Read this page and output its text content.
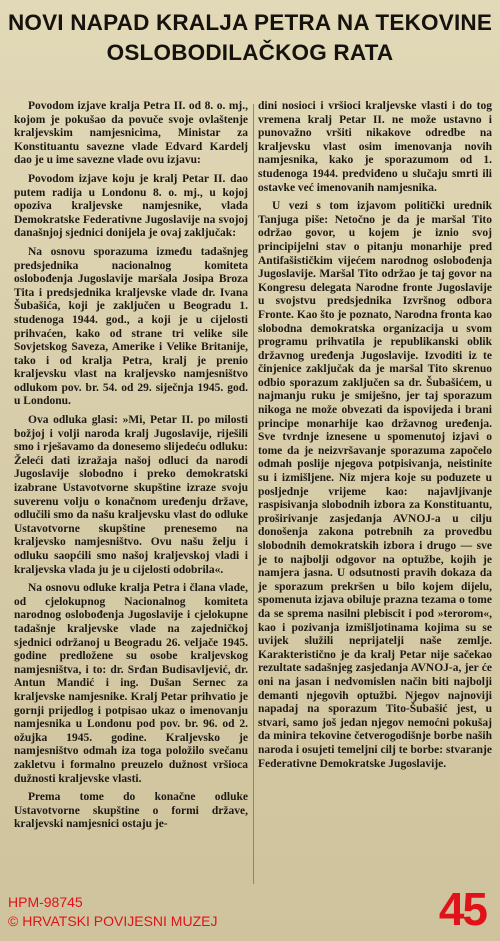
NOVI NAPAD KRALJA PETRA NA TEKOVINE
OSLOBODILAČKOG RATA

Povodom izjave kralja Petra II. od 8. o. mj., kojom je pokušao da povuče svoje ovlaštenje kraljevskim namjesnicima, Ministar za Konstituantu savezne vlade Edvard Kardelj dao je u ime savezne vlade ovu izjavu:

Povodom izjave koju je kralj Petar II. dao putem radija u Londonu 8. o. mj., u kojoj opoziva kraljevske namjesnike, vlada Demokratske Federativne Jugoslavije na svojoj današnjoj sjednici donijela je ovaj zaključak:

Na osnovu sporazuma između tadašnjeg predsjednika nacionalnog komiteta oslobođenja Jugoslavije maršala Josipa Broza Tita i predsjednika kraljevske vlade dr. Ivana Šubašića, koji je zaključen u Beogradu 1. studenoga 1944. god., a koji je u cijelosti prihvaćen, kako od strane tri velike sile Sovjetskog Saveza, Amerike i Velike Britanije, tako i od kralja Petra, kralj je prenio kraljevsku vlast na kraljevsko namjesništvo odlukom pov. br. 54. od 29. siječnja 1945. god. u Londonu.

Ova odluka glasi: »Mi, Petar II. po milosti božjoj i volji naroda kralj Jugoslavije, riješili smo i rješavamo da donesemo slijedeću odluku: Želeći dati izražaja našoj odluci da narodi Jugoslavije slobodno i preko demokratski izabrane Ustavotvorne skupštine izraze svoju suverenu volju o konačnom uređenju države, odlučili smo da našu kraljevsku vlast do odluke Ustavotvorne skupštine prenesemo na kraljevsko namjesništvo. Ovu našu želju i odluku saopćili smo našoj kraljevskoj vladi i kraljevska vlada ju je u cijelosti odobrila«.

Na osnovu odluke kralja Petra i člana vlade, od cjelokupnog Nacionalnog komiteta narodnog oslobođenja Jugoslavije i cjelokupne tadašnje kraljevske vlade na zajedničkoj sjednici održanoj u Beogradu 26. veljače 1945. godine predložene su osobe kraljevskog namjesništva, i to: dr. Srđan Budisavljević, dr. Antun Mandić i ing. Dušan Sernec za kraljevske namjesnike. Kralj Petar prihvatio je gornji prijedlog i potpisao ukaz o imenovanju namjesnika u Londonu pod pov. br. 96. od 2. ožujka 1945. godine. Kraljevsko je namjesništvo odmah iza toga položilo svečanu zakletvu i formalno preuzelo dužnost vršioca dužnosti kraljevske vlasti.

Prema tome do konačne odluke Ustavotvorne skupštine o formi države, kraljevski namjesnici ostaju je-

dini nosioci i vršioci kraljevske vlasti i do tog vremena kralj Petar II. ne može ustavno i punovažno vršiti nikakove odredbe na kraljevsku vlast osim imenovanja novih namjesnika, kako je sporazumom od 1. studenoga 1944. predviđeno u slučaju smrti ili ostavke već imenovanih namjesnika.

U vezi s tom izjavom politički urednik Tanjuga piše: Netočno je da je maršal Tito održao govor, u kojem je iznio svoj principijelni stav o pitanju monarhije pred Antifašističkim vijećem narodnog oslobođenja Jugoslavije. Maršal Tito održao je taj govor na Kongresu delegata Narodne fronte Jugoslavije u svojstvu predsjednika Izvršnog odbora Fronte. Kao što je poznato, Narodna fronta kao slobodna demokratska organizacija u svom programu prihvatila je republikanski oblik državnog uređenja Jugoslavije. Izvoditi iz te činjenice zaključak da je maršal Tito skrenuo odbio sporazum zaključen sa dr. Šubašićem, u najmanju ruku je smiješno, jer taj sporazum nikoga ne može obvezati da ispovijeda i brani principe monarhije kao državnog uređenja. Sve tvrdnje iznesene u spomenutoj izjavi o tome da je neizvršavanje sporazuma započelo odmah poslije njegova potpisivanja, neistinite su i izmišljene. Niz mjera koje su poduzete u posljednje vrijeme kao: najavljivanje raspisivanja slobodnih izbora za Konstituantu, proširivanje zasjedanja AVNOJ-a u cilju donošenja zakona potrebnih za provedbu slobodnih demokratskih izbora i drugo — sve je to najbolji odgovor na optužbe, kojih je namjera jasna. U odsutnosti pravih dokaza da je sporazum prekršen u bilo kojem dijelu, spomenuta izjava obiluje prazna tezama o tome da se sprema nasilni plebiscit i pod »terorom«, kao i pozivanja izmišljotinama kojima su se uvijek služili neprijatelji naše zemlje. Karakteristično je da kralj Petar nije sačekao rezultate sadašnjeg zasjedanja AVNOJ-a, jer će oni na jasan i nedvomislen način biti najbolji demanti njegovih optužbi. Njegov najnoviji napadaj na sporazum Tito-Šubašić jest, u stvari, samo još jedan njegov nemoćni pokušaj da minira tekovine četverogodišnje borbe naših naroda i osujeti temeljni cilj te borbe: stvaranje Federativne Demokratske Jugoslavije.

HPM-98745
© HRVATSKI POVIJESNI MUZEJ	45
